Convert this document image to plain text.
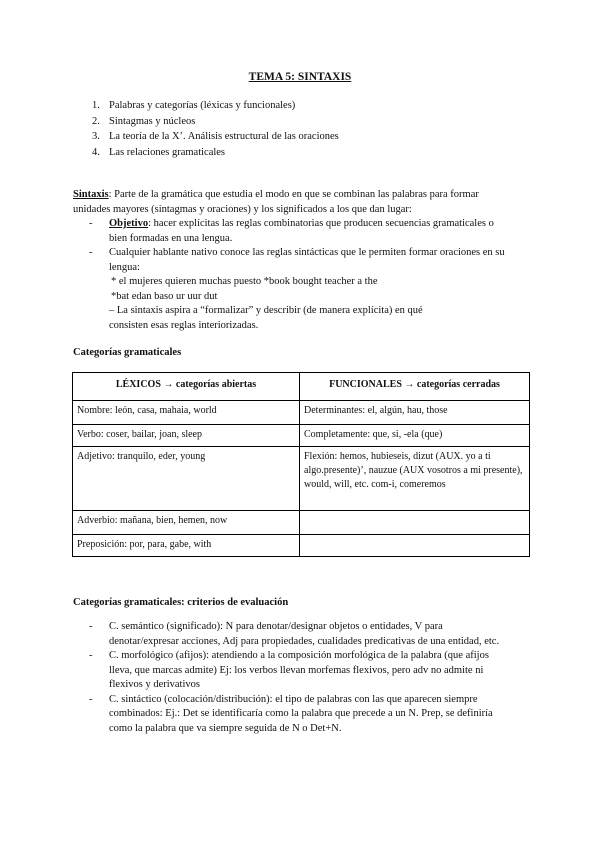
TEMA 5: SINTAXIS
1. Palabras y categorías (léxicas y funcionales)
2. Sintagmas y núcleos
3. La teoría de la X’. Análisis estructural de las oraciones
4. Las relaciones gramaticales
Sintaxis: Parte de la gramática que estudia el modo en que se combinan las palabras para formar
unidades mayores (sintagmas y oraciones) y los significados a los que dan lugar:
- Objetivo: hacer explícitas las reglas combinatorias que producen secuencias gramaticales o
bien formadas en una lengua.
- Cualquier hablante nativo conoce las reglas sintácticas que le permiten formar oraciones en su
lengua:
* el mujeres quieren muchas puesto *book bought teacher a the
*bat edan baso ur uur dut
– La sintaxis aspira a “formalizar” y describir (de manera explícita) en qué
consisten esas reglas interiorizadas.
Categorías gramaticales
LÉXICOS → categorías abiertas	FUNCIONALES → categorías cerradas
Nombre: león, casa, mahaia, world	Determinantes: el, algún, hau, those
Verbo: coser, bailar, joan, sleep	Completamente: que, si, -ela (que)
Adjetivo: tranquilo, eder, young	Flexión: hemos, hubieseis, dizut (AUX. yo a ti algo.presente)’, nauzue (AUX vosotros a mi presente), would, will, etc. com-i, comeremos
Adverbio: mañana, bien, hemen, now	
Preposición: por, para, gabe, with	
Categorías gramaticales: criterios de evaluación
- C. semántico (significado): N para denotar/designar objetos o entidades, V para
denotar/expresar acciones, Adj para propiedades, cualidades predicativas de una entidad, etc.
- C. morfológico (afijos): atendiendo a la composición morfológica de la palabra (que afijos
lleva, que marcas admite) Ej: los verbos llevan morfemas flexivos, pero adv no admite ni
flexivos y derivativos
- C. sintáctico (colocación/distribución): el tipo de palabras con las que aparecen siempre
combinados: Ej.: Det se identificaría como la palabra que precede a un N. Prep, se definiría
como la palabra que va siempre seguida de N o Det+N.
